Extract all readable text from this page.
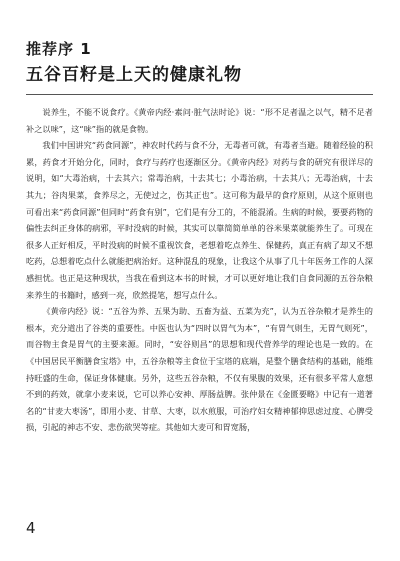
推荐序 1
五谷百籽是上天的健康礼物

说养生，不能不说食疗。《黄帝内经·素问·脏气法时论》说：“形不足者温之以气，精不足者补之以味”，这“味”指的就是食物。

我们中国讲究“药食同源”，神农时代药与食不分，无毒者可就，有毒者当避。随着经验的积累，药食才开始分化，同时，食疗与药疗也逐渐区分。《黄帝内经》对药与食的研究有很详尽的说明，如“大毒治病，十去其六；常毒治病，十去其七；小毒治病，十去其八；无毒治病，十去其九；谷肉果菜，食养尽之，无使过之，伤其正也”。这可称为最早的食疗原则，从这个原则也可看出来“药食同源”但同时“药食有别”，它们是有分工的，不能混淆。生病的时候，要要药物的偏性去纠正身体的病邪，平时没病的时候，其实可以靠简简单单的谷米果菜就能养生了。可现在很多人正好相反，平时没病的时候不重视饮食，老想着吃点养生、保健药，真正有病了却又不想吃药，总想着吃点什么就能把病治好。这种混乱的现象，让我这个从事了几十年医务工作的人深感担忧。也正是这种现状，当我在看到这本书的时候，才可以更好地让我们自食同源的五谷杂粮来养生的书籍时，感到一亮，欣然提笔，想写点什么。

《黄帝内经》说：“五谷为养、五果为助、五畜为益、五菜为充”，认为五谷杂粮才是养生的根本，充分道出了谷类的重要性。中医也认为“四时以胃气为本”，“有胃气则生，无胃气则死”，而谷物主食是胃气的主要来源。同时，“安谷则昌”的思想和现代营养学的理论也是一致的。在《中国居民平衡膳食宝塔》中，五谷杂粮等主食位于宝塔的底端，是整个膳食结构的基础，能维持旺盛的生命，保证身体健康。另外，这些五谷杂粮，不仅有果腹的效果，还有很多平常人意想不到的药效，就拿小麦来说，它可以养心安神、厚肠益脾。张仲景在《金匮要略》中记有一道著名的“甘麦大枣汤”，即用小麦、甘草、大枣，以水煎服，可治疗妇女精神郁抑思虑过度、心脾受损，引起的神志不安、悲伤欲哭等症。其他如大麦可和胃宽肠，

4
